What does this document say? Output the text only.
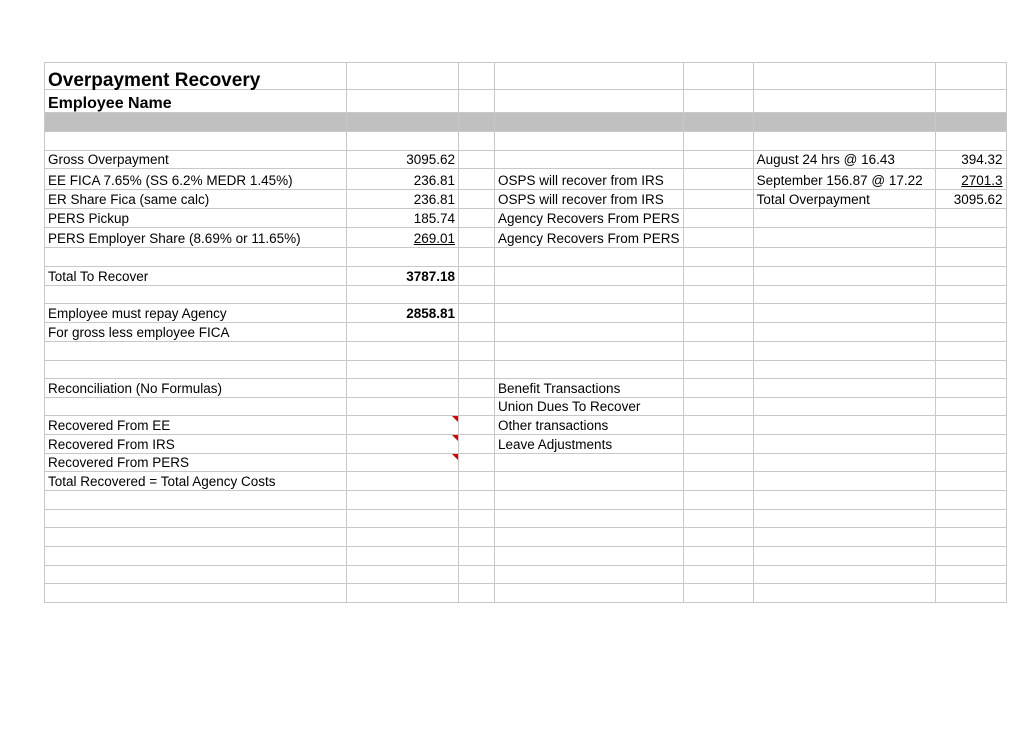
Overpayment Recovery						
Employee Name						

Gross Overpayment	3095.62				August 24 hrs @ 16.43	394.32
EE FICA 7.65% (SS 6.2% MEDR 1.45%)	236.81		OSPS will recover from IRS		September 156.87 @ 17.22	2701.3
ER Share Fica (same calc)	236.81		OSPS will recover from IRS		Total Overpayment	3095.62
PERS Pickup	185.74		Agency Recovers From PERS			
PERS Employer Share (8.69% or 11.65%)	269.01		Agency Recovers From PERS			

Total To Recover	3787.18					

Employee must repay Agency	2858.81					
For gross less employee FICA						

Reconciliation (No Formulas)			Benefit Transactions			
			Union Dues To Recover			
Recovered From EE			Other transactions			
Recovered From IRS			Leave Adjustments			
Recovered From PERS	

Total Recovered = Total Agency Costs						
